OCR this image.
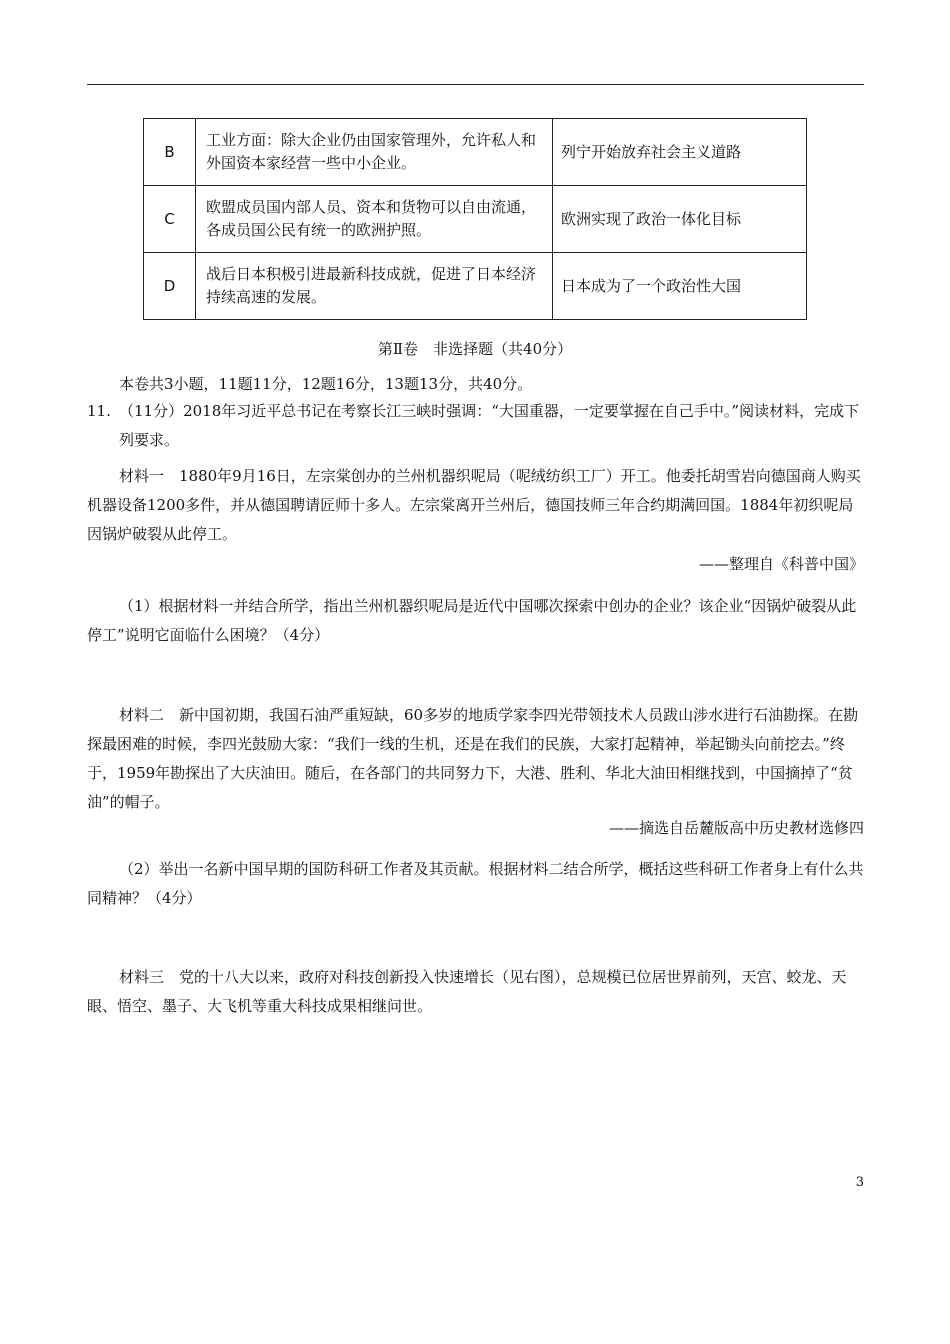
B	工业方面：除大企业仍由国家管理外，允许私人和外国资本家经营一些中小企业。	列宁开始放弃社会主义道路
C	欧盟成员国内部人员、资本和货物可以自由流通，各成员国公民有统一的欧洲护照。	欧洲实现了政治一体化目标
D	战后日本积极引进最新科技成就，促进了日本经济持续高速的发展。	日本成为了一个政治性大国

第Ⅱ卷　非选择题（共40分）

本卷共3小题，11题11分，12题16分，13题13分，共40分。

11. （11分）2018年习近平总书记在考察长江三峡时强调：“大国重器，一定要掌握在自己手中。”阅读材料，完成下列要求。

材料一　1880年9月16日，左宗棠创办的兰州机器织呢局（呢绒纺织工厂）开工。他委托胡雪岩向德国商人购买机器设备1200多件，并从德国聘请匠师十多人。左宗棠离开兰州后，德国技师三年合约期满回国。1884年初织呢局因锅炉破裂从此停工。

——整理自《科普中国》

（1）根据材料一并结合所学，指出兰州机器织呢局是近代中国哪次探索中创办的企业？该企业“因锅炉破裂从此停工”说明它面临什么困境？（4分）

材料二　新中国初期，我国石油严重短缺，60多岁的地质学家李四光带领技术人员跋山涉水进行石油勘探。在勘探最困难的时候，李四光鼓励大家：“我们一线的生机，还是在我们的民族，大家打起精神，举起锄头向前挖去。”终于，1959年勘探出了大庆油田。随后，在各部门的共同努力下，大港、胜利、华北大油田相继找到，中国摘掉了“贫油”的帽子。

——摘选自岳麓版高中历史教材选修四

（2）举出一名新中国早期的国防科研工作者及其贡献。根据材料二结合所学，概括这些科研工作者身上有什么共同精神？（4分）

材料三　党的十八大以来，政府对科技创新投入快速增长（见右图），总规模已位居世界前列，天宫、蛟龙、天眼、悟空、墨子、大飞机等重大科技成果相继问世。

3
